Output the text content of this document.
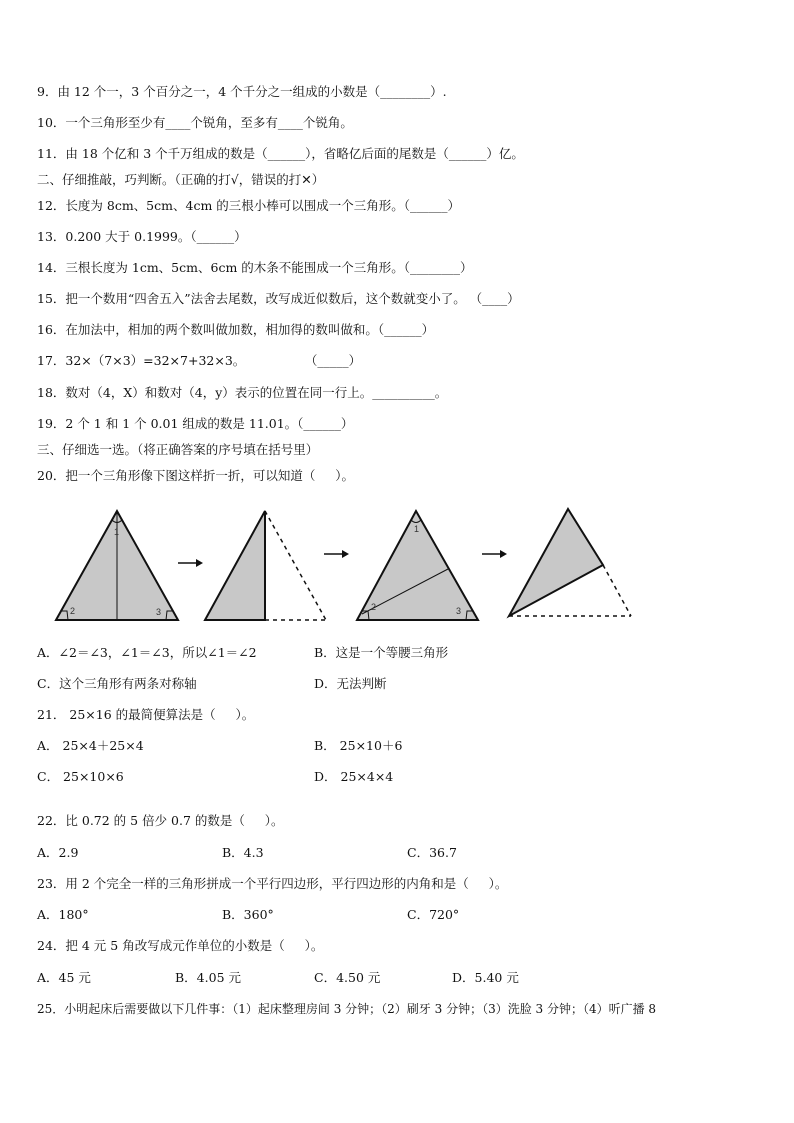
9．由 12 个一，3 个百分之一，4 个千分之一组成的小数是（________）.
10．一个三角形至少有____个锐角，至多有____个锐角。
11．由 18 个亿和 3 个千万组成的数是（______），省略亿后面的尾数是（______）亿。
二、仔细推敲，巧判断。（正确的打√，错误的打✕）
12．长度为 8cm、5cm、4cm 的三根小棒可以围成一个三角形。（______）
13．0.200 大于 0.1999。（______）
14．三根长度为 1cm、5cm、6cm 的木条不能围成一个三角形。（________）
15．把一个数用“四舍五入”法舍去尾数，改写成近似数后，这个数就变小了。 （____）
16．在加法中，相加的两个数叫做加数，相加得的数叫做和。（______）
17．32×（7×3）=32×7+32×3。               （_____）
18．数对（4，X）和数对（4，y）表示的位置在同一行上。__________。
19．2 个 1 和 1 个 0.01 组成的数是 11.01。（______）
三、仔细选一选。（将正确答案的序号填在括号里）
20．把一个三角形像下图这样折一折，可以知道（     ）。
1
2	3
1
2	3
A．∠2＝∠3，∠1＝∠3，所以∠1＝∠2	B．这是一个等腰三角形
C．这个三角形有两条对称轴	D．无法判断
21． 25×16 的最简便算法是（     ）。
A． 25×4＋25×4	B． 25×10＋6
C． 25×10×6	D． 25×4×4
22．比 0.72 的 5 倍少 0.7 的数是（     ）。
A．2.9	B．4.3	C．36.7
23．用 2 个完全一样的三角形拼成一个平行四边形，平行四边形的内角和是（     ）。
A．180°	B．360°	C．720°
24．把 4 元 5 角改写成元作单位的小数是（     ）。
A．45 元	B．4.05 元	C．4.50 元	D．5.40 元
25．小明起床后需要做以下几件事：（1）起床整理房间 3 分钟；（2）刷牙 3 分钟；（3）洗脸 3 分钟；（4）听广播 8
